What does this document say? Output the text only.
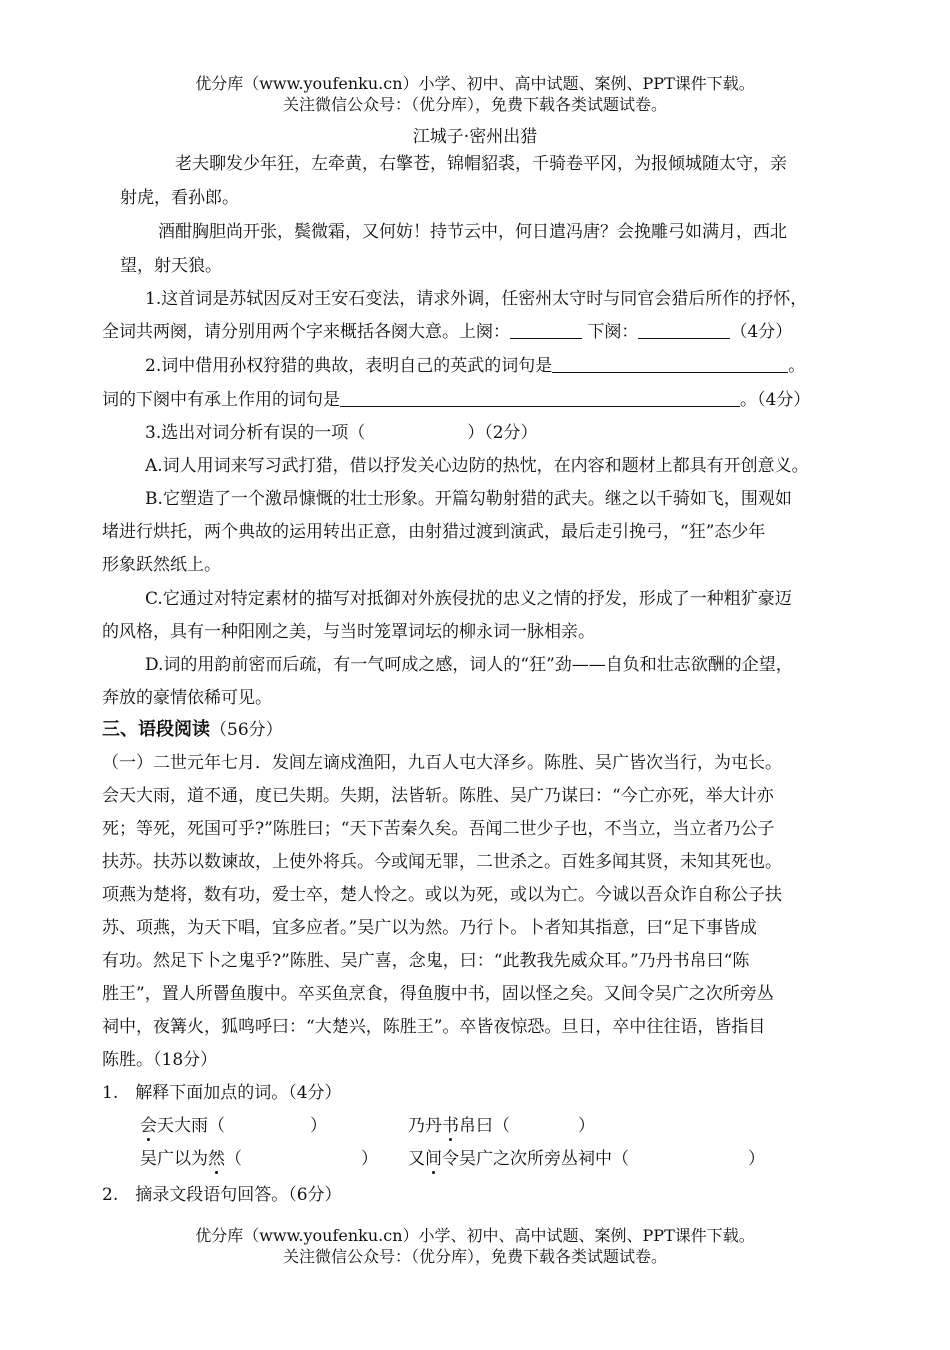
优分库（www.youfenku.cn）小学、初中、高中试题、案例、PPT课件下载。
关注微信公众号：（优分库），免费下载各类试题试卷。
江城子·密州出猎
老夫聊发少年狂，左牵黄，右擎苍，锦帽貂裘，千骑卷平冈，为报倾城随太守，亲
射虎，看孙郎。
酒酣胸胆尚开张，鬓微霜，又何妨！持节云中，何日遣冯唐？会挽雕弓如满月，西北
望，射天狼。
1.这首词是苏轼因反对王安石变法，请求外调，任密州太守时与同官会猎后所作的抒怀，
全词共两阕，请分别用两个字来概括各阕大意。上阕：	下阕：	（4分）
2.词中借用孙权狩猎的典故，表明自己的英武的词句是	。
词的下阕中有承上作用的词句是	。（4分）
3.选出对词分析有误的一项（　　　　　　）（2分）
A.词人用词来写习武打猎，借以抒发关心边防的热忱，在内容和题材上都具有开创意义。
B.它塑造了一个激昂慷慨的壮士形象。开篇勾勒射猎的武夫。继之以千骑如飞，围观如
堵进行烘托，两个典故的运用转出正意，由射猎过渡到演武，最后走引挽弓，“狂”态少年
形象跃然纸上。
C.它通过对特定素材的描写对抵御对外族侵扰的忠义之情的抒发，形成了一种粗犷豪迈
的风格，具有一种阳刚之美，与当时笼罩词坛的柳永词一脉相亲。
D.词的用韵前密而后疏，有一气呵成之感，词人的“狂”劲——自负和壮志欲酬的企望，
奔放的豪情依稀可见。
三、语段阅读（56分）
（一）二世元年七月．发闾左谪戍渔阳，九百人屯大泽乡。陈胜、吴广皆次当行，为屯长。
会天大雨，道不通，度已失期。失期，法皆斩。陈胜、吴广乃谋曰：“今亡亦死，举大计亦
死；等死，死国可乎?”陈胜曰；“天下苦秦久矣。吾闻二世少子也，不当立，当立者乃公子
扶苏。扶苏以数谏故，上使外将兵。今或闻无罪，二世杀之。百姓多闻其贤，未知其死也。
项燕为楚将，数有功，爱士卒，楚人怜之。或以为死，或以为亡。今诚以吾众诈自称公子扶
苏、项燕，为天下唱，宜多应者。”吴广以为然。乃行卜。卜者知其指意，曰“足下事皆成
有功。然足下卜之鬼乎?”陈胜、吴广喜，念鬼，曰：“此教我先威众耳。”乃丹书帛曰“陈
胜王”，置人所罾鱼腹中。卒买鱼烹食，得鱼腹中书，固以怪之矣。又间令吴广之次所旁丛
祠中，夜篝火，狐鸣呼曰：“大楚兴，陈胜王”。卒皆夜惊恐。旦日，卒中往往语，皆指目
陈胜。（18分）
1.　解释下面加点的词。（4分）
会天大雨（　　　　　）	乃丹书帛曰（　　　　）
吴广以为然（　　　　　　　） 又间令吴广之次所旁丛祠中（　　　　　　　）
2.　摘录文段语句回答。（6分）
优分库（www.youfenku.cn）小学、初中、高中试题、案例、PPT课件下载。
关注微信公众号：（优分库），免费下载各类试题试卷。
